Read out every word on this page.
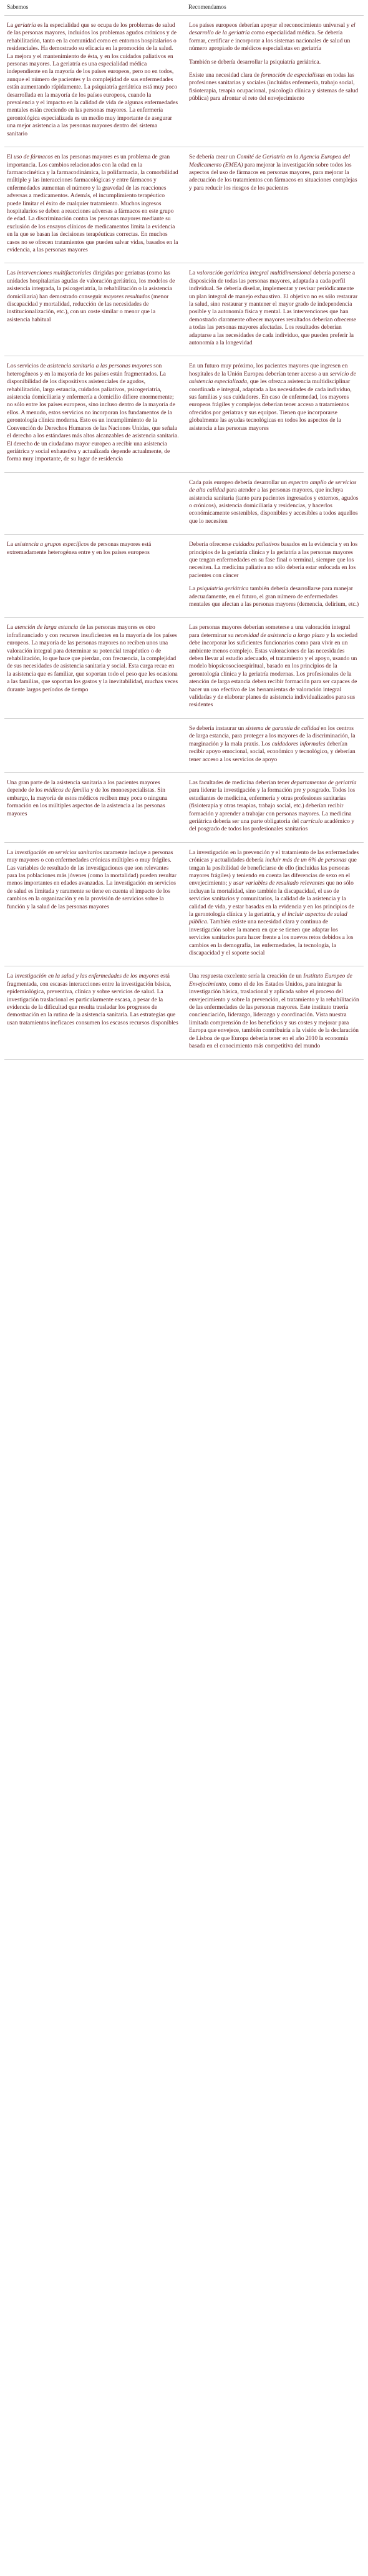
Sabemos	Recomendamos

La geriatría es la especialidad que se ocupa de los problemas de salud de las personas mayores, incluidos los problemas agudos crónicos y de rehabilitación, tanto en la comunidad como en entornos hospitalarios o residenciales. Ha demostrado su eficacia en la promoción de la salud. La mejora y el mantenimiento de ésta, y en los cuidados paliativos en personas mayores. La geriatría es una especialidad médica independiente en la mayoría de los países europeos, pero no en todos, aunque el número de pacientes y la complejidad de sus enfermedades están aumentando rápidamente. La psiquiatría geriátrica está muy poco desarrollada en la mayoría de los países europeos, cuando la prevalencia y el impacto en la calidad de vida de algunas enfermedades mentales están creciendo en las personas mayores. La enfermería gerontológica especializada es un medio muy importante de asegurar una mejor asistencia a las personas mayores dentro del sistema sanitario

Los países europeos deberían apoyar el reconocimiento universal y el desarrollo de la geriatría como especialidad médica. Se debería formar, certificar e incorporar a los sistemas nacionales de salud un número apropiado de médicos especialistas en geriatría

También se debería desarrollar la psiquiatría geriátrica.

Existe una necesidad clara de formación de especialistas en todas las profesiones sanitarias y sociales (incluidas enfermería, trabajo social, fisioterapia, terapia ocupacional, psicología clínica y sistemas de salud pública) para afrontar el reto del envejecimiento

El uso de fármacos en las personas mayores es un problema de gran importancia. Los cambios relacionados con la edad en la farmacocinética y la farmacodinámica, la polifarmacia, la comorbilidad múltiple y las interacciones farmacológicas y entre fármacos y enfermedades aumentan el número y la gravedad de las reacciones adversas a medicamentos. Además, el incumplimiento terapéutico puede limitar el éxito de cualquier tratamiento. Muchos ingresos hospitalarios se deben a reacciones adversas a fármacos en este grupo de edad. La discriminación contra las personas mayores mediante su exclusión de los ensayos clínicos de medicamentos limita la evidencia en la que se basan las decisiones terapéuticas correctas. En muchos casos no se ofrecen tratamientos que pueden salvar vidas, basados en la evidencia, a las personas mayores

Se debería crear un Comité de Geriatría en la Agencia Europea del Medicamento (EMEA) para mejorar la investigación sobre todos los aspectos del uso de fármacos en personas mayores, para mejorar la adecuación de los tratamientos con fármacos en situaciones complejas y para reducir los riesgos de los pacientes

Las intervenciones multifactoriales dirigidas por geriatras (como las unidades hospitalarias agudas de valoración geriátrica, los modelos de asistencia integrada, la psicogeriatría, la rehabilitación o la asistencia domiciliaria) han demostrado conseguir mayores resultados (menor discapacidad y mortalidad, reducción de las necesidades de institucionalización, etc.), con un coste similar o menor que la asistencia habitual

La valoración geriátrica integral multidimensional debería ponerse a disposición de todas las personas mayores, adaptada a cada perfil individual. Se debería diseñar, implementar y revisar periódicamente un plan integral de manejo exhaustivo. El objetivo no es sólo restaurar la salud, sino restaurar y mantener el mayor grado de independencia posible y la autonomía física y mental. Las intervenciones que han demostrado claramente ofrecer mayores resultados deberían ofrecerse a todas las personas mayores afectadas. Los resultados deberían adaptarse a las necesidades de cada individuo, que pueden preferir la autonomía a la longevidad

Los servicios de asistencia sanitaria a las personas mayores son heterogéneos y en la mayoría de los países están fragmentados. La disponibilidad de los dispositivos asistenciales de agudos, rehabilitación, larga estancia, cuidados paliativos, psicogeriatría, asistencia domiciliaria y enfermería a domicilio difiere enormemente; no sólo entre los países europeos, sino incluso dentro de la mayoría de ellos. A menudo, estos servicios no incorporan los fundamentos de la gerontología clínica moderna. Esto es un incumplimiento de la Convención de Derechos Humanos de las Naciones Unidas, que señala el derecho a los estándares más altos alcanzables de asistencia sanitaria. El derecho de un ciudadano mayor europeo a recibir una asistencia geriátrica y social exhaustiva y actualizada depende actualmente, de forma muy importante, de su lugar de residencia

En un futuro muy próximo, los pacientes mayores que ingresen en hospitales de la Unión Europea deberían tener acceso a un servicio de asistencia especializada, que les ofrezca asistencia multidisciplinar coordinada e integral, adaptada a las necesidades de cada individuo, sus familias y sus cuidadores. En caso de enfermedad, los mayores europeos frágiles y complejos deberían tener acceso a tratamientos ofrecidos por geriatras y sus equipos. Tienen que incorporarse globalmente las ayudas tecnológicas en todos los aspectos de la asistencia a las personas mayores

Cada país europeo debería desarrollar un espectro amplio de servicios de alta calidad para atender a las personas mayores, que incluya asistencia sanitaria (tanto para pacientes ingresados y externos, agudos o crónicos), asistencia domiciliaria y residencias, y hacerlos económicamente sostenibles, disponibles y accesibles a todos aquellos que lo necesiten

La asistencia a grupos específicos de personas mayores está extremadamente heterogénea entre y en los países europeos

Debería ofrecerse cuidados paliativos basados en la evidencia y en los principios de la geriatría clínica y la geriatría a las personas mayores que tengan enfermedades en su fase final o terminal, siempre que los necesiten. La medicina paliativa no sólo debería estar enfocada en los pacientes con cáncer

La psiquiatría geriátrica también debería desarrollarse para manejar adecuadamente, en el futuro, el gran número de enfermedades mentales que afectan a las personas mayores (demencia, delirium, etc.)

La atención de larga estancia de las personas mayores es otro infrafinanciado y con recursos insuficientes en la mayoría de los países europeos. La mayoría de las personas mayores no reciben unos una valoración integral para determinar su potencial terapéutico o de rehabilitación, lo que hace que pierdan, con frecuencia, la complejidad de sus necesidades de asistencia sanitaria y social. Esta carga recae en la asistencia que es familiar, que soportan todo el peso que les ocasiona a las familias, que soportan los gastos y la inevitabilidad, muchas veces durante largos períodos de tiempo

Las personas mayores deberían someterse a una valoración integral para determinar su necesidad de asistencia a largo plazo y la sociedad debe incorporar los suficientes funcionarios como para vivir en un ambiente menos complejo. Estas valoraciones de las necesidades deben llevar al estudio adecuado, el tratamiento y el apoyo, usando un modelo biopsicosocioespiritual, basado en los principios de la gerontología clínica y la geriatría modernas. Los profesionales de la atención de larga estancia deben recibir formación para ser capaces de hacer un uso efectivo de las herramientas de valoración integral validadas y de elaborar planes de asistencia individualizados para sus residentes

Se debería instaurar un sistema de garantía de calidad en los centros de larga estancia, para proteger a los mayores de la discriminación, la marginación y la mala praxis. Los cuidadores informales deberían recibir apoyo emocional, social, económico y tecnológico, y deberían tener acceso a los servicios de apoyo

Una gran parte de la asistencia sanitaria a los pacientes mayores depende de los médicos de familia y de los monoespecialistas. Sin embargo, la mayoría de estos médicos reciben muy poca o ninguna formación en los múltiples aspectos de la asistencia a las personas mayores

Las facultades de medicina deberían tener departamentos de geriatría para liderar la investigación y la formación pre y posgrado. Todos los estudiantes de medicina, enfermería y otras profesiones sanitarias (fisioterapia y otras terapias, trabajo social, etc.) deberían recibir formación y aprender a trabajar con personas mayores. La medicina geriátrica debería ser una parte obligatoria del currículo académico y del posgrado de todos los profesionales sanitarios

La investigación en servicios sanitarios raramente incluye a personas muy mayores o con enfermedades crónicas múltiples o muy frágiles. Las variables de resultado de las investigaciones que son relevantes para las poblaciones más jóvenes (como la mortalidad) pueden resultar menos importantes en edades avanzadas. La investigación en servicios de salud es limitada y raramente se tiene en cuenta el impacto de los cambios en la organización y en la provisión de servicios sobre la función y la salud de las personas mayores

La investigación en la prevención y el tratamiento de las enfermedades crónicas y actualidades debería incluir más de un 6% de personas que tengan la posibilidad de beneficiarse de ello (incluidas las personas mayores frágiles) y teniendo en cuenta las diferencias de sexo en el envejecimiento; y usar variables de resultado relevantes que no sólo incluyan la mortalidad, sino también la discapacidad, el uso de servicios sanitarios y comunitarios, la calidad de la asistencia y la calidad de vida, y estar basadas en la evidencia y en los principios de la gerontología clínica y la geriatría, y el incluir aspectos de salud pública. También existe una necesidad clara y continua de investigación sobre la manera en que se tienen que adaptar los servicios sanitarios para hacer frente a los nuevos retos debidos a los cambios en la demografía, las enfermedades, la tecnología, la discapacidad y el soporte social

La investigación en la salud y las enfermedades de los mayores está fragmentada, con escasas interacciones entre la investigación básica, epidemiológica, preventiva, clínica y sobre servicios de salud. La investigación traslacional es particularmente escasa, a pesar de la evidencia de la dificultad que resulta trasladar los progresos de demostración en la rutina de la asistencia sanitaria. Las estrategias que usan tratamientos ineficaces consumen los escasos recursos disponibles

Una respuesta excelente sería la creación de un Instituto Europeo de Envejecimiento, como el de los Estados Unidos, para integrar la investigación básica, traslacional y aplicada sobre el proceso del envejecimiento y sobre la prevención, el tratamiento y la rehabilitación de las enfermedades de las personas mayores. Este instituto traería concienciación, liderazgo, liderazgo y coordinación. Vista nuestra limitada comprensión de los beneficios y sus costes y mejorar para Europa que envejece, también contribuiría a la visión de la declaración de Lisboa de que Europa debería tener en el año 2010 la economía basada en el conocimiento más competitiva del mundo
